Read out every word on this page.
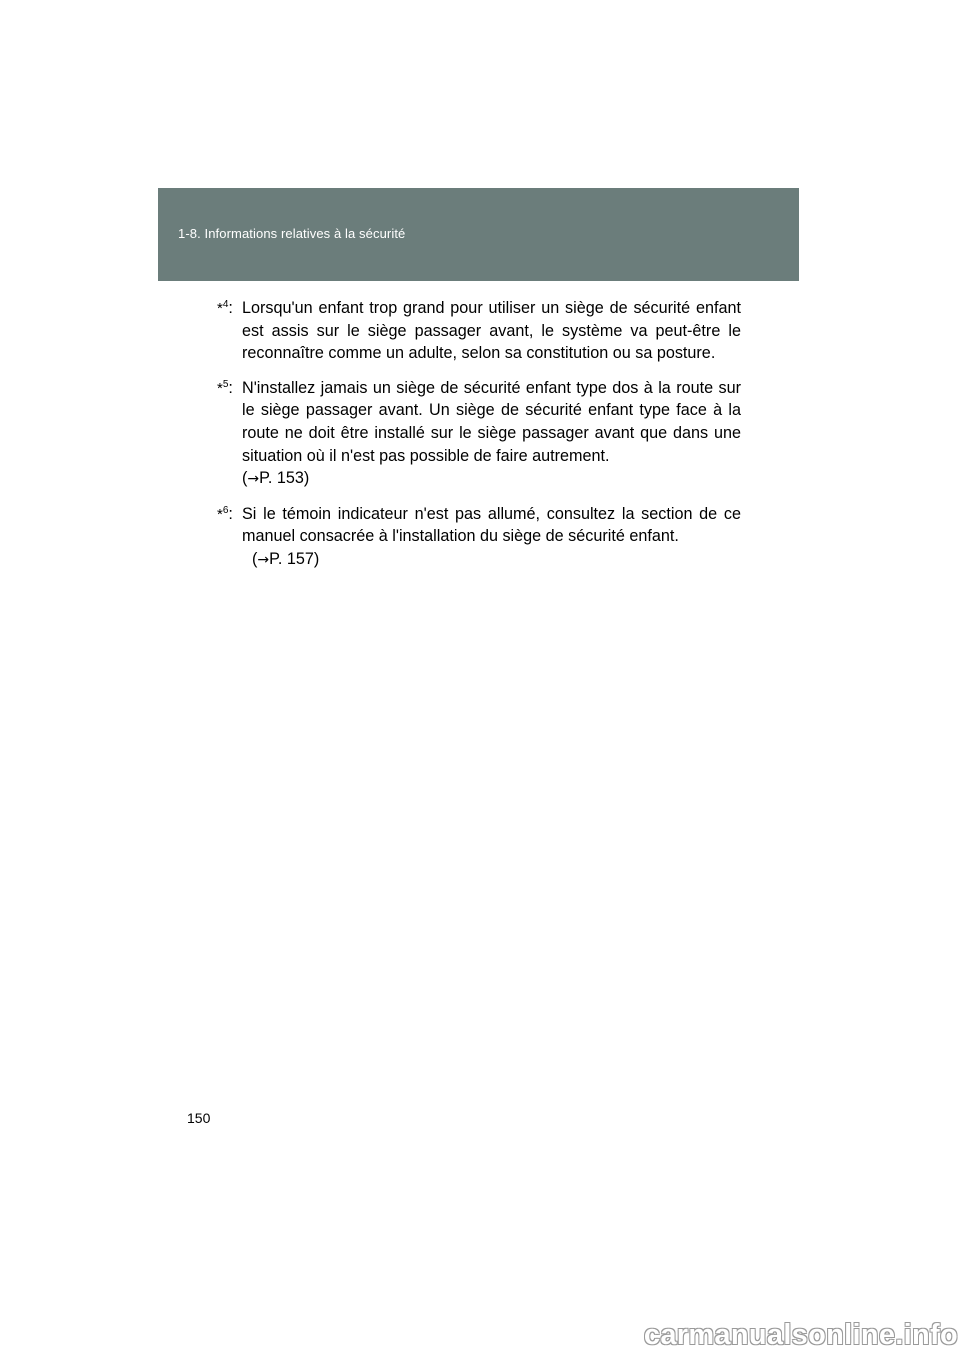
1-8. Informations relatives à la sécurité
*$^4$: Lorsqu'un enfant trop grand pour utiliser un siège de sécurité enfant est assis sur le siège passager avant, le système va peut-être le reconnaître comme un adulte, selon sa constitution ou sa posture.
*$^5$: N'installez jamais un siège de sécurité enfant type dos à la route sur le siège passager avant. Un siège de sécurité enfant type face à la route ne doit être installé sur le siège passager avant que dans une situation où il n'est pas possible de faire autrement.
(→P. 153)
*$^6$: Si le témoin indicateur n'est pas allumé, consultez la section de ce manuel consacrée à l'installation du siège de sécurité enfant.
(→P. 157)
150
carmanualsonline.info
